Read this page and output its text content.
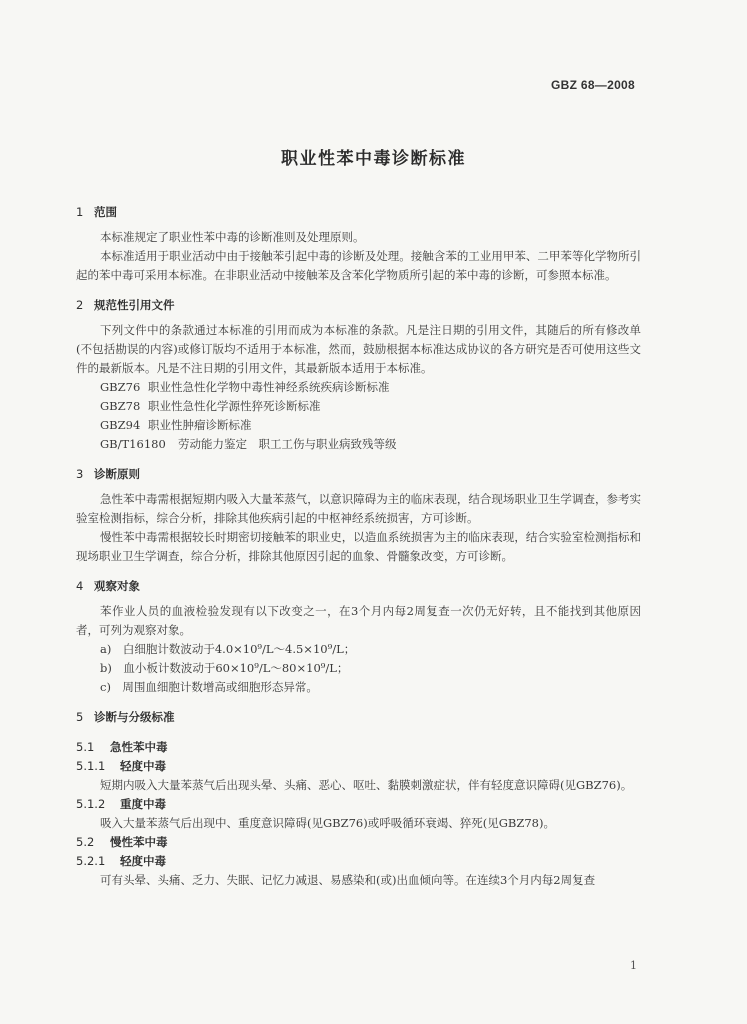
GBZ 68—2008
职业性苯中毒诊断标准
1 范围

本标准规定了职业性苯中毒的诊断准则及处理原则。

本标准适用于职业活动中由于接触苯引起中毒的诊断及处理。接触含苯的工业用甲苯、二甲苯等化学物所引起的苯中毒可采用本标准。在非职业活动中接触苯及含苯化学物质所引起的苯中毒的诊断，可参照本标准。

2 规范性引用文件

下列文件中的条款通过本标准的引用而成为本标准的条款。凡是注日期的引用文件，其随后的所有修改单(不包括勘误的内容)或修订版均不适用于本标准，然而，鼓励根据本标准达成协议的各方研究是否可使用这些文件的最新版本。凡是不注日期的引用文件，其最新版本适用于本标准。

GBZ76 职业性急性化学物中毒性神经系统疾病诊断标准

GBZ78 职业性急性化学源性猝死诊断标准

GBZ94 职业性肿瘤诊断标准

GB/T16180 劳动能力鉴定　职工工伤与职业病致残等级

3 诊断原则

急性苯中毒需根据短期内吸入大量苯蒸气，以意识障碍为主的临床表现，结合现场职业卫生学调查，参考实验室检测指标，综合分析，排除其他疾病引起的中枢神经系统损害，方可诊断。

慢性苯中毒需根据较长时期密切接触苯的职业史，以造血系统损害为主的临床表现，结合实验室检测指标和现场职业卫生学调查，综合分析，排除其他原因引起的血象、骨髓象改变，方可诊断。

4 观察对象

苯作业人员的血液检验发现有以下改变之一，在3个月内每2周复查一次仍无好转，且不能找到其他原因者，可列为观察对象。

a)　白细胞计数波动于4.0×10⁹/L～4.5×10⁹/L；

b)　血小板计数波动于60×10⁹/L～80×10⁹/L；

c)　周围血细胞计数增高或细胞形态异常。

5 诊断与分级标准
5.1 急性苯中毒
5.1.1 轻度中毒

短期内吸入大量苯蒸气后出现头晕、头痛、恶心、呕吐、黏膜刺激症状，伴有轻度意识障碍(见GBZ76)。

5.1.2 重度中毒

吸入大量苯蒸气后出现中、重度意识障碍(见GBZ76)或呼吸循环衰竭、猝死(见GBZ78)。

5.2 慢性苯中毒
5.2.1 轻度中毒

可有头晕、头痛、乏力、失眠、记忆力减退、易感染和(或)出血倾向等。在连续3个月内每2周复查

1
